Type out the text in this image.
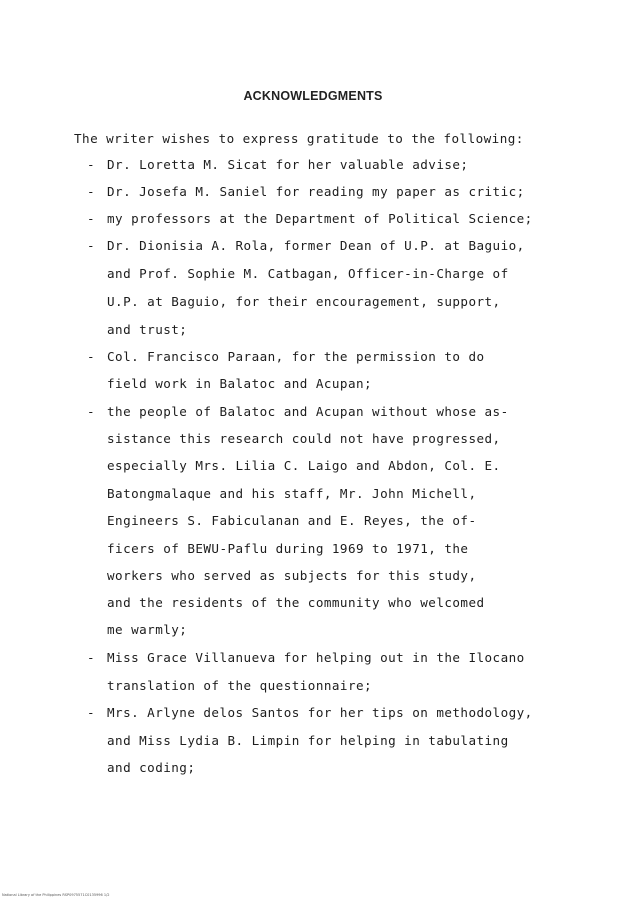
ACKNOWLEDGMENTS
The writer wishes to express gratitude to the following:
- Dr. Loretta M. Sicat for her valuable advise;
- Dr. Josefa M. Saniel for reading my paper as critic;
- my professors at the Department of Political Science;
- Dr. Dionisia A. Rola, former Dean of U.P. at Baguio,
and Prof. Sophie M. Catbagan, Officer-in-Charge of
U.P. at Baguio, for their encouragement, support,
and trust;
- Col. Francisco Paraan, for the permission to do
field work in Balatoc and Acupan;
- the people of Balatoc and Acupan without whose as-
sistance this research could not have progressed,
especially Mrs. Lilia C. Laigo and Abdon, Col. E.
Batongmalaque and his staff, Mr. John Michell,
Engineers S. Fabiculanan and E. Reyes, the of-
ficers of BEWU-Paflu during 1969 to 1971, the
workers who served as subjects for this study,
and the residents of the community who welcomed
me warmly;
- Miss Grace Villanueva for helping out in the Ilocano
translation of the questionnaire;
- Mrs. Arlyne delos Santos for her tips on methodology,
and Miss Lydia B. Limpin for helping in tabulating
and coding;
National Library of the Philippines RSP0975571C0135996 1/2
